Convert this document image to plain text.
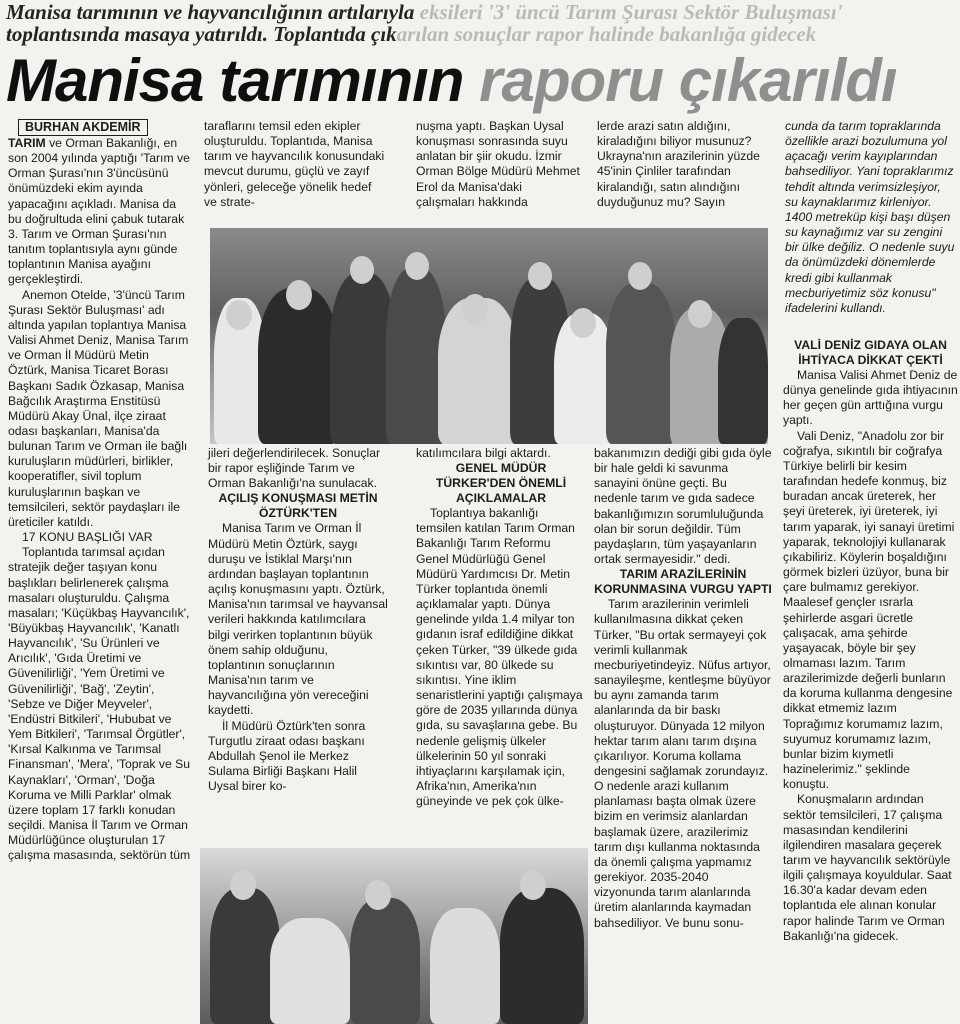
Manisa tarımının ve hayvancılığının artılarıyla eksileri '3' üncü Tarım Şurası Sektör Buluşması'
toplantısında masaya yatırıldı. Toplantıda çıkarılan sonuçlar rapor halinde bakanlığa gidecek
Manisa tarımının raporu çıkarıldı
BURHAN AKDEMİR

TARIM ve Orman Bakanlığı, en son 2004 yılında yaptığı 'Tarım ve Orman Şurası'nın 3'üncüsünü önümüzdeki ekim ayında yapacağını açıkladı. Manisa da bu doğrultuda elini çabuk tutarak 3. Tarım ve Orman Şurası'nın tanıtım toplantısıyla aynı günde toplantının Manisa ayağını gerçekleştirdi.

Anemon Otelde, '3'üncü Tarım Şurası Sektör Buluşması' adı altında yapılan toplantıya Manisa Valisi Ahmet Deniz, Manisa Tarım ve Orman İl Müdürü Metin Öztürk, Manisa Ticaret Borası Başkanı Sadık Özkasap, Manisa Bağcılık Araştırma Enstitüsü Müdürü Akay Ünal, ilçe ziraat odası başkanları, Manisa'da bulunan Tarım ve Orman ile bağlı kuruluşların müdürleri, birlikler, kooperatifler, sivil toplum kuruluşlarının başkan ve temsilcileri, sektör paydaşları ile üreticiler katıldı.

17 KONU BAŞLIĞI VAR

Toplantıda tarımsal açıdan stratejik değer taşıyan konu başlıkları belirlenerek çalışma masaları oluşturuldu. Çalışma masaları; 'Küçükbaş Hayvancılık', 'Büyükbaş Hayvancılık', 'Kanatlı Hayvancılık', 'Su Ürünleri ve Arıcılık', 'Gıda Üretimi ve Güvenilirliği', 'Yem Üretimi ve Güvenilirliği', 'Bağ', 'Zeytin', 'Sebze ve Diğer Meyveler', 'Endüstri Bitkileri', 'Hububat ve Yem Bitkileri', 'Tarımsal Örgütler', 'Kırsal Kalkınma ve Tarımsal Finansman', 'Mera', 'Toprak ve Su Kaynakları', 'Orman', 'Doğa Koruma ve Milli Parklar' olmak üzere toplam 17 farklı konudan seçildi. Manisa İl Tarım ve Orman Müdürlüğünce oluşturulan 17 çalışma masasında, sektörün tüm

taraflarını temsil eden ekipler oluşturuldu. Toplantıda, Manisa tarım ve hayvancılık konusundaki mevcut durumu, güçlü ve zayıf yönleri, geleceğe yönelik hedef ve strate-

nuşma yaptı. Başkan Uysal konuşması sonrasında suyu anlatan bir şiir okudu. İzmir Orman Bölge Müdürü Mehmet Erol da Manisa'daki çalışmaları hakkında

lerde arazi satın aldığını, kiraladığını biliyor musunuz? Ukrayna'nın arazilerinin yüzde 45'inin Çinliler tarafından kiralandığı, satın alındığını duyduğunuz mu? Sayın

cunda da tarım topraklarında özellikle arazi bozulumuna yol açacağı verim kayıplarından bahsediliyor. Yani topraklarımız tehdit altında verimsizleşiyor, su kaynaklarımız kirleniyor. 1400 metreküp kişi başı düşen su kaynağımız var su zengini bir ülke değiliz. O nedenle suyu da önümüzdeki dönemlerde kredi gibi kullanmak mecburiyetimiz söz konusu" ifadelerini kullandı.

VALİ DENİZ GIDAYA OLAN İHTİYACA DİKKAT ÇEKTİ

Manisa Valisi Ahmet Deniz de dünya genelinde gıda ihtiyacının her geçen gün arttığına vurgu yaptı.

Vali Deniz, "Anadolu zor bir coğrafya, sıkıntılı bir coğrafya Türkiye belirli bir kesim tarafından hedefe konmuş, biz buradan ancak üreterek, her şeyi üreterek, iyi üreterek, iyi tarım yaparak, iyi sanayi üretimi yaparak, teknolojiyi kullanarak çıkabiliriz. Köylerin boşaldığını görmek bizleri üzüyor, buna bir çare bulmamız gerekiyor. Maalesef gençler ısrarla şehirlerde asgari ücretle çalışacak, ama şehirde yaşayacak, böyle bir şey olmaması lazım. Tarım arazilerimizde değerli bunların da koruma kullanma dengesine dikkat etmemiz lazım Toprağımız korumamız lazım, suyumuz korumamız lazım, bunlar bizim kıymetli hazinelerimiz." şeklinde konuştu.

Konuşmaların ardından sektör temsilcileri, 17 çalışma masasından kendilerini ilgilendiren masalara geçerek tarım ve hayvancılık sektörüyle ilgili çalışmaya koyuldular. Saat 16.30'a kadar devam eden toplantıda ele alınan konular rapor halinde Tarım ve Orman Bakanlığı'na gidecek.

jileri değerlendirilecek. Sonuçlar bir rapor eşliğinde Tarım ve Orman Bakanlığı'na sunulacak.

AÇILIŞ KONUŞMASI METİN ÖZTÜRK'TEN

Manisa Tarım ve Orman İl Müdürü Metin Öztürk, saygı duruşu ve İstiklal Marşı'nın ardından başlayan toplantının açılış konuşmasını yaptı. Öztürk, Manisa'nın tarımsal ve hayvansal verileri hakkında katılımcılara bilgi verirken toplantının büyük önem sahip olduğunu, toplantının sonuçlarının Manisa'nın tarım ve hayvancılığına yön vereceğini kaydetti.

İl Müdürü Öztürk'ten sonra Turgutlu ziraat odası başkanı Abdullah Şenol ile Merkez Sulama Birliği Başkanı Halil Uysal birer ko-

katılımcılara bilgi aktardı.

GENEL MÜDÜR TÜRKER'DEN ÖNEMLİ AÇIKLAMALAR

Toplantıya bakanlığı temsilen katılan Tarım Orman Bakanlığı Tarım Reformu Genel Müdürlüğü Genel Müdürü Yardımcısı Dr. Metin Türker toplantıda önemli açıklamalar yaptı. Dünya genelinde yılda 1.4 milyar ton gıdanın israf edildiğine dikkat çeken Türker, "39 ülkede gıda sıkıntısı var, 80 ülkede su sıkıntısı. Yine iklim senaristlerini yaptığı çalışmaya göre de 2035 yıllarında dünya gıda, su savaşlarına gebe. Bu nedenle gelişmiş ülkeler ülkelerinin 50 yıl sonraki ihtiyaçlarını karşılamak için, Afrika'nın, Amerika'nın güneyinde ve pek çok ülke-

bakanımızın dediği gibi gıda öyle bir hale geldi ki savunma sanayini önüne geçti. Bu nedenle tarım ve gıda sadece bakanlığımızın sorumluluğunda olan bir sorun değildir. Tüm paydaşların, tüm yaşayanların ortak sermayesidir." dedi.

TARIM ARAZİLERİNİN KORUNMASINA VURGU YAPTI

Tarım arazilerinin verimleli kullanılmasına dikkat çeken Türker, "Bu ortak sermayeyi çok verimli kullanmak mecburiyetindeyiz. Nüfus artıyor, sanayileşme, kentleşme büyüyor bu aynı zamanda tarım alanlarında da bir baskı oluşturuyor. Dünyada 12 milyon hektar tarım alanı tarım dışına çıkarılıyor. Koruma kollama dengesini sağlamak zorundayız. O nedenle arazi kullanım planlaması başta olmak üzere bizim en verimsiz alanlardan başlamak üzere, arazilerimiz tarım dışı kullanma noktasında da önemli çalışma yapmamız gerekiyor. 2035-2040 vizyonunda tarım alanlarında üretim alanlarında kaymadan bahsediliyor. Ve bunu sonu-
